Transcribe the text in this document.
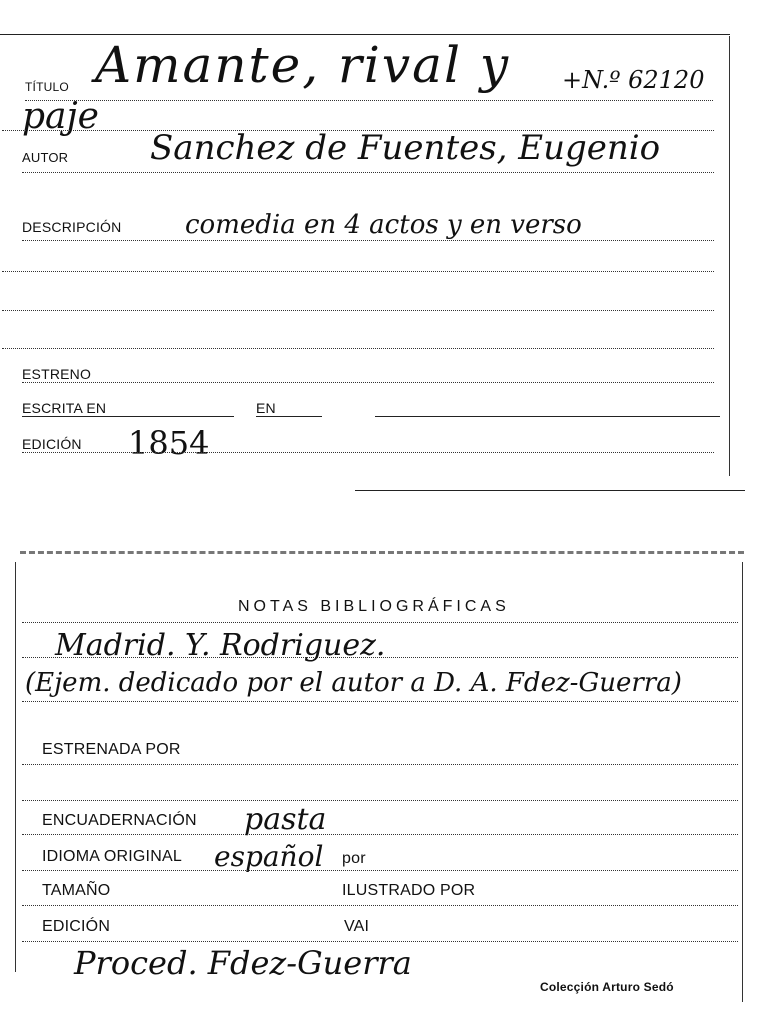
TÍTULO Amante, rival y +N.º 62120
paje
AUTOR Sanchez de Fuentes, Eugenio
DESCRIPCIÓN comedia en 4 actos y en verso
ESTRENO
ESCRITA EN	EN
EDICIÓN 1854
NOTAS BIBLIOGRÁFICAS
Madrid. Y. Rodriguez.
(Ejem. dedicado por el autor a D. A. Fdez-Guerra)
ESTRENADA POR
ENCUADERNACIÓN pasta
IDIOMA ORIGINAL español por
TAMAÑO	ILUSTRADO POR
EDICIÓN	VAI
Proced. Fdez-Guerra
Colecçión Arturo Sedó
